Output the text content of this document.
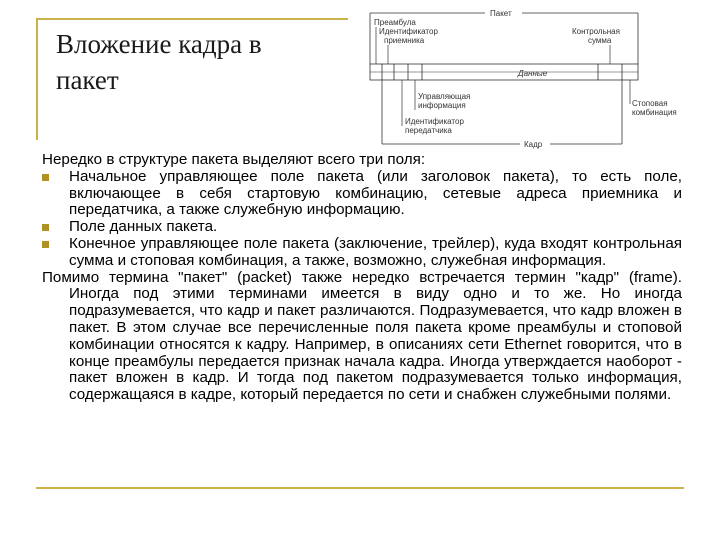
Вложение кадра в
пакет
Пакет
Данные
Преамбула
Идентификатор
приемника
Контрольная
сумма
Управляющая
информация
Идентификатор
передатчика
Стоповая
комбинация
Кадр

Нередко в структуре пакета выделяют всего три поля:

Начальное управляющее поле пакета (или заголовок пакета), то есть поле, включающее в себя стартовую комбинацию, сетевые адреса приемника и передатчика, а также служебную информацию.
Поле данных пакета.
Конечное управляющее поле пакета (заключение, трейлер), куда входят контрольная сумма и стоповая комбинация, а также, возможно, служебная информация.

Помимо термина "пакет" (packet) также нередко встречается термин "кадр" (frame). Иногда под этими терминами имеется в виду одно и то же. Но иногда подразумевается, что кадр и пакет различаются. Подразумевается, что кадр вложен в пакет. В этом случае все перечисленные поля пакета кроме преамбулы и стоповой комбинации относятся к кадру. Например, в описаниях сети Ethernet говорится, что в конце преамбулы передается признак начала кадра. Иногда утверждается наоборот - пакет вложен в кадр. И тогда под пакетом подразумевается только информация, содержащаяся в кадре, который передается по сети и снабжен служебными полями.
